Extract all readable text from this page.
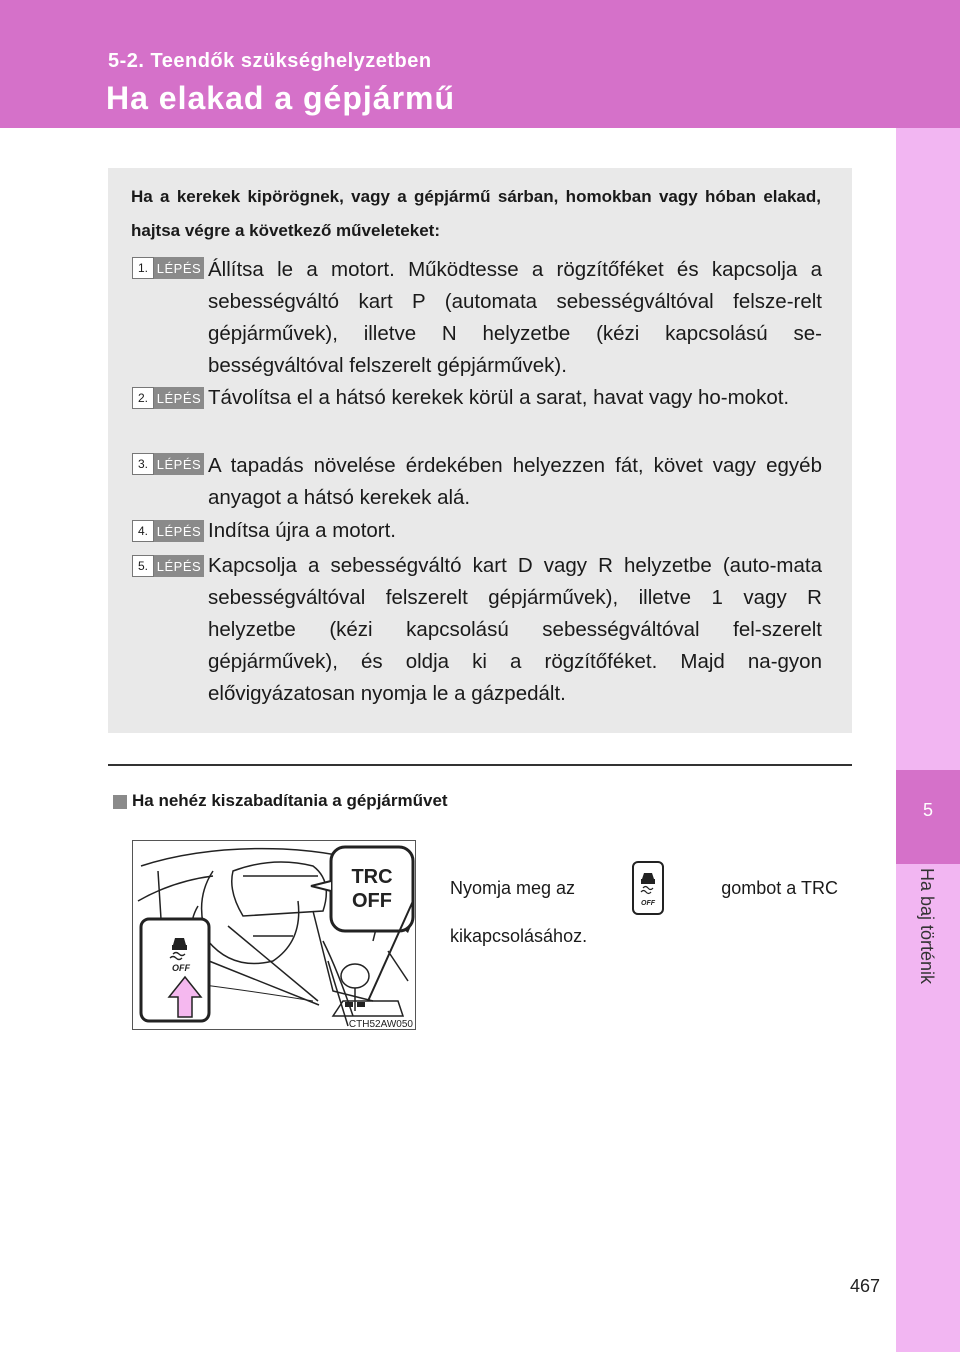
5-2. Teendők szükséghelyzetben
Ha elakad a gépjármű
5
Ha baj történik
Ha a kerekek kipörögnek, vagy a gépjármű sárban, homokban vagy hóban elakad, hajtsa végre a következő műveleteket:
1. LÉPÉS Állítsa le a motort. Működtesse a rögzítőféket és kapcsolja a sebességváltó kart P (automata sebességváltóval felsze-relt gépjárművek), illetve N helyzetbe (kézi kapcsolású se-bességváltóval felszerelt gépjárművek).
2. LÉPÉS Távolítsa el a hátsó kerekek körül a sarat, havat vagy ho-mokot.
3. LÉPÉS A tapadás növelése érdekében helyezzen fát, követ vagy egyéb anyagot a hátsó kerekek alá.
4. LÉPÉS Indítsa újra a motort.
5. LÉPÉS Kapcsolja a sebességváltó kart D vagy R helyzetbe (auto-mata sebességváltóval felszerelt gépjárművek), illetve 1 vagy R helyzetbe (kézi kapcsolású sebességváltóval fel-szerelt gépjárművek), és oldja ki a rögzítőféket. Majd na-gyon elővigyázatosan nyomja le a gázpedált.
Ha nehéz kiszabadítania a gépjárművet
TRC
OFF
OFF
CTH52AW050
Nyomja meg az
OFF
gombot a TRC
kikapcsolásához.
467
